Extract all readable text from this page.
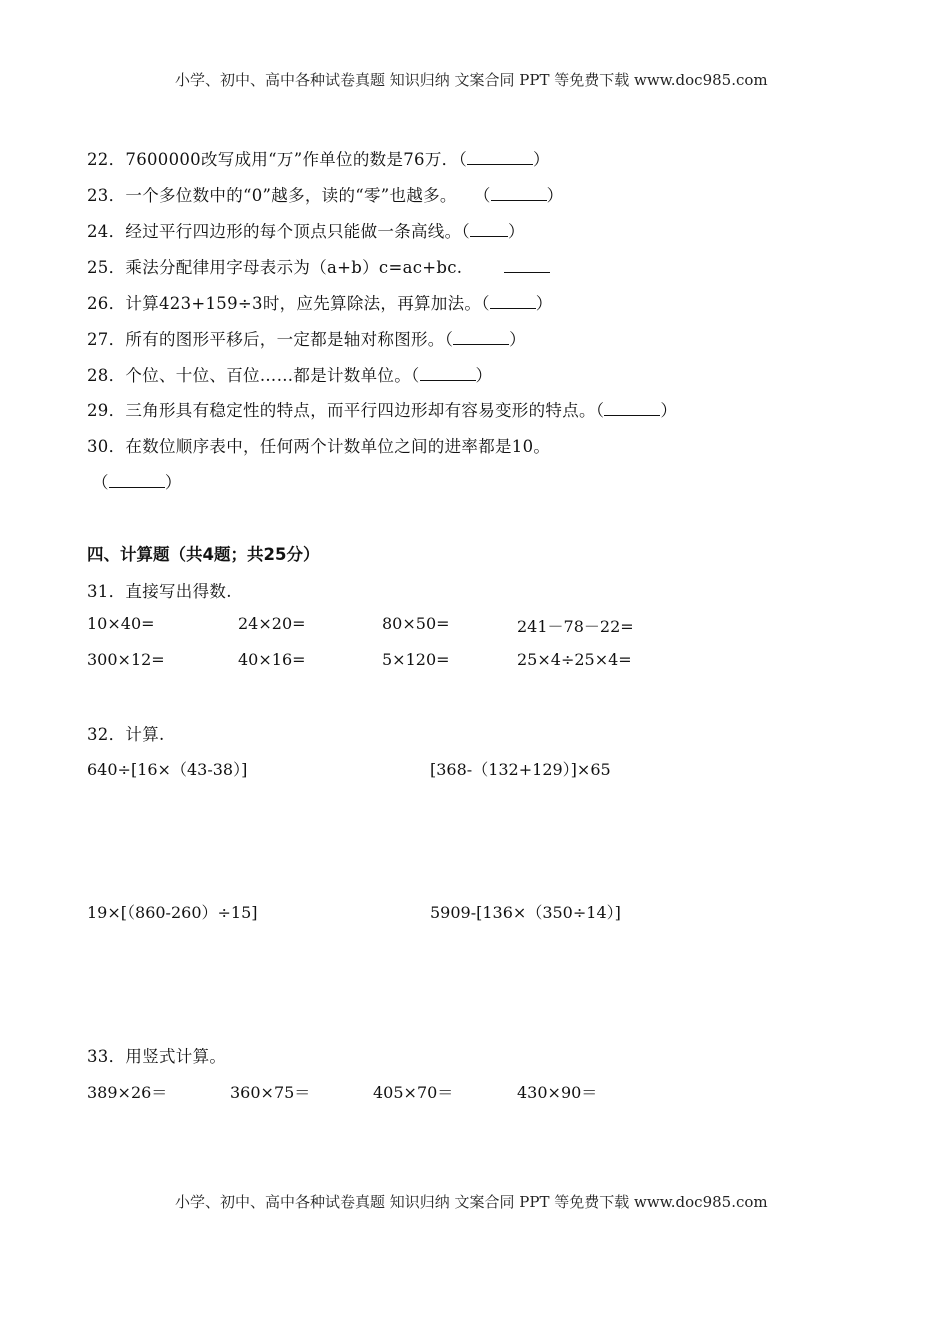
小学、初中、高中各种试卷真题 知识归纳 文案合同 PPT 等免费下载 www.doc985.com
22．7600000改写成用“万”作单位的数是76万．（	）
23．一个多位数中的“0”越多，读的“零”也越多。　　（	）
24．经过平行四边形的每个顶点只能做一条高线。（ ）
25．乘法分配律用字母表示为（a+b）c=ac+bc.
26．计算423+159÷3时，应先算除法，再算加法。（	）
27．所有的图形平移后，一定都是轴对称图形。（	）
28．个位、十位、百位……都是计数单位。（	）
29．三角形具有稳定性的特点，而平行四边形却有容易变形的特点。（	）
30．在数位顺序表中，任何两个计数单位之间的进率都是10。
（	）
四、计算题（共4题；共25分）
31．直接写出得数.
10×40=	24×20=	80×50=	241－78－22=
300×12=	40×16=	5×120=	25×4÷25×4=
32．计算.
640÷[16×（43-38）]	[368-（132+129）]×65
19×[（860-260）÷15]	5909-[136×（350÷14）]
33．用竖式计算。
389×26＝	360×75＝	405×70＝	430×90＝
小学、初中、高中各种试卷真题 知识归纳 文案合同 PPT 等免费下载 www.doc985.com
